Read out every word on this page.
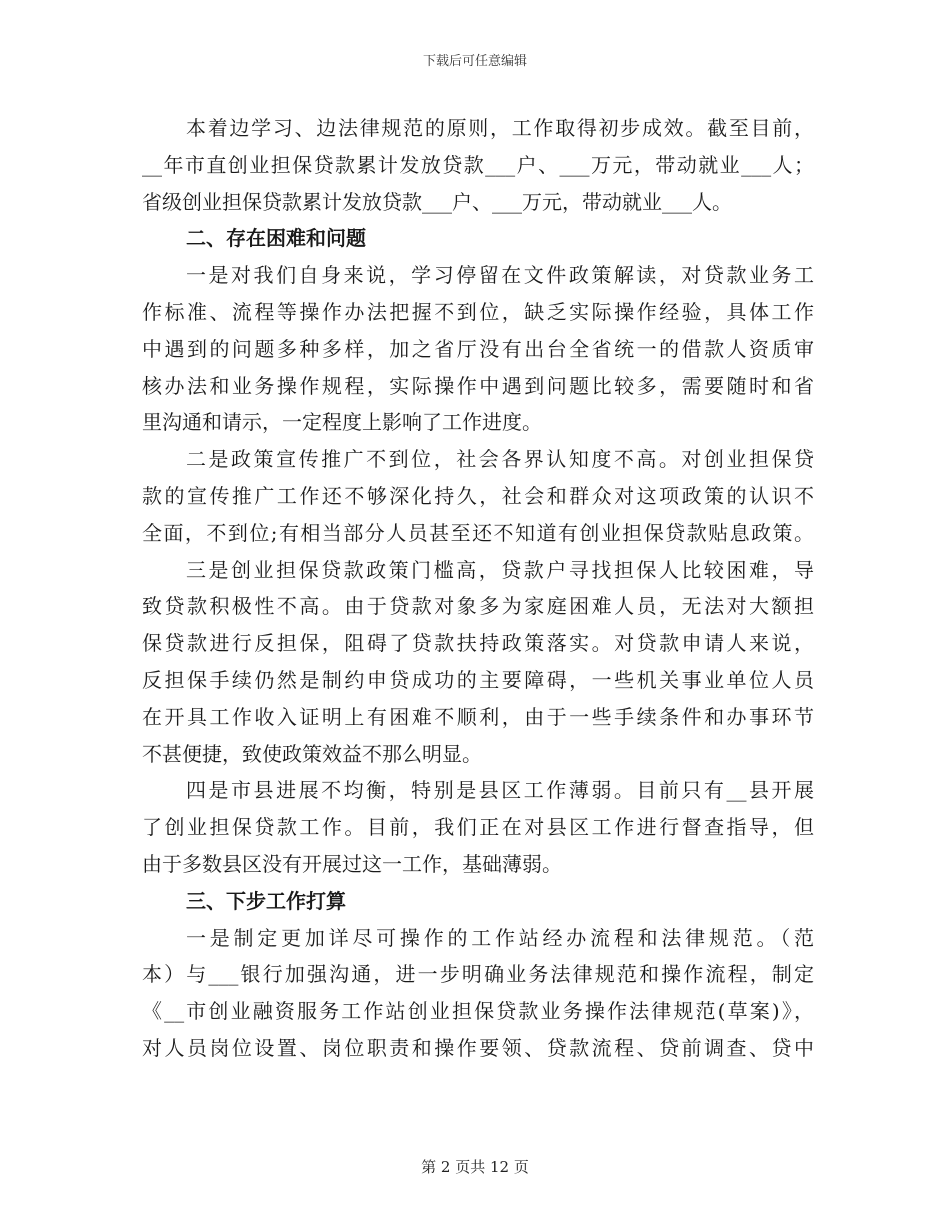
下载后可任意编辑
本着边学习、边法律规范的原则，工作取得初步成效。截至目前，
__年市直创业担保贷款累计发放贷款___户、___万元，带动就业___人；
省级创业担保贷款累计发放贷款___户、___万元，带动就业___人。
二、存在困难和问题
一是对我们自身来说，学习停留在文件政策解读，对贷款业务工
作标准、流程等操作办法把握不到位，缺乏实际操作经验，具体工作
中遇到的问题多种多样，加之省厅没有出台全省统一的借款人资质审
核办法和业务操作规程，实际操作中遇到问题比较多，需要随时和省
里沟通和请示，一定程度上影响了工作进度。
二是政策宣传推广不到位，社会各界认知度不高。对创业担保贷
款的宣传推广工作还不够深化持久，社会和群众对这项政策的认识不
全面，不到位;有相当部分人员甚至还不知道有创业担保贷款贴息政策。
三是创业担保贷款政策门槛高，贷款户寻找担保人比较困难，导
致贷款积极性不高。由于贷款对象多为家庭困难人员，无法对大额担
保贷款进行反担保，阻碍了贷款扶持政策落实。对贷款申请人来说，
反担保手续仍然是制约申贷成功的主要障碍，一些机关事业单位人员
在开具工作收入证明上有困难不顺利，由于一些手续条件和办事环节
不甚便捷，致使政策效益不那么明显。
四是市县进展不均衡，特别是县区工作薄弱。目前只有__县开展
了创业担保贷款工作。目前，我们正在对县区工作进行督查指导，但
由于多数县区没有开展过这一工作，基础薄弱。
三、下步工作打算
一是制定更加详尽可操作的工作站经办流程和法律规范。（范
本）与___银行加强沟通，进一步明确业务法律规范和操作流程，制定
《__市创业融资服务工作站创业担保贷款业务操作法律规范(草案)》，
对人员岗位设置、岗位职责和操作要领、贷款流程、贷前调查、贷中
第 2 页共 12 页
